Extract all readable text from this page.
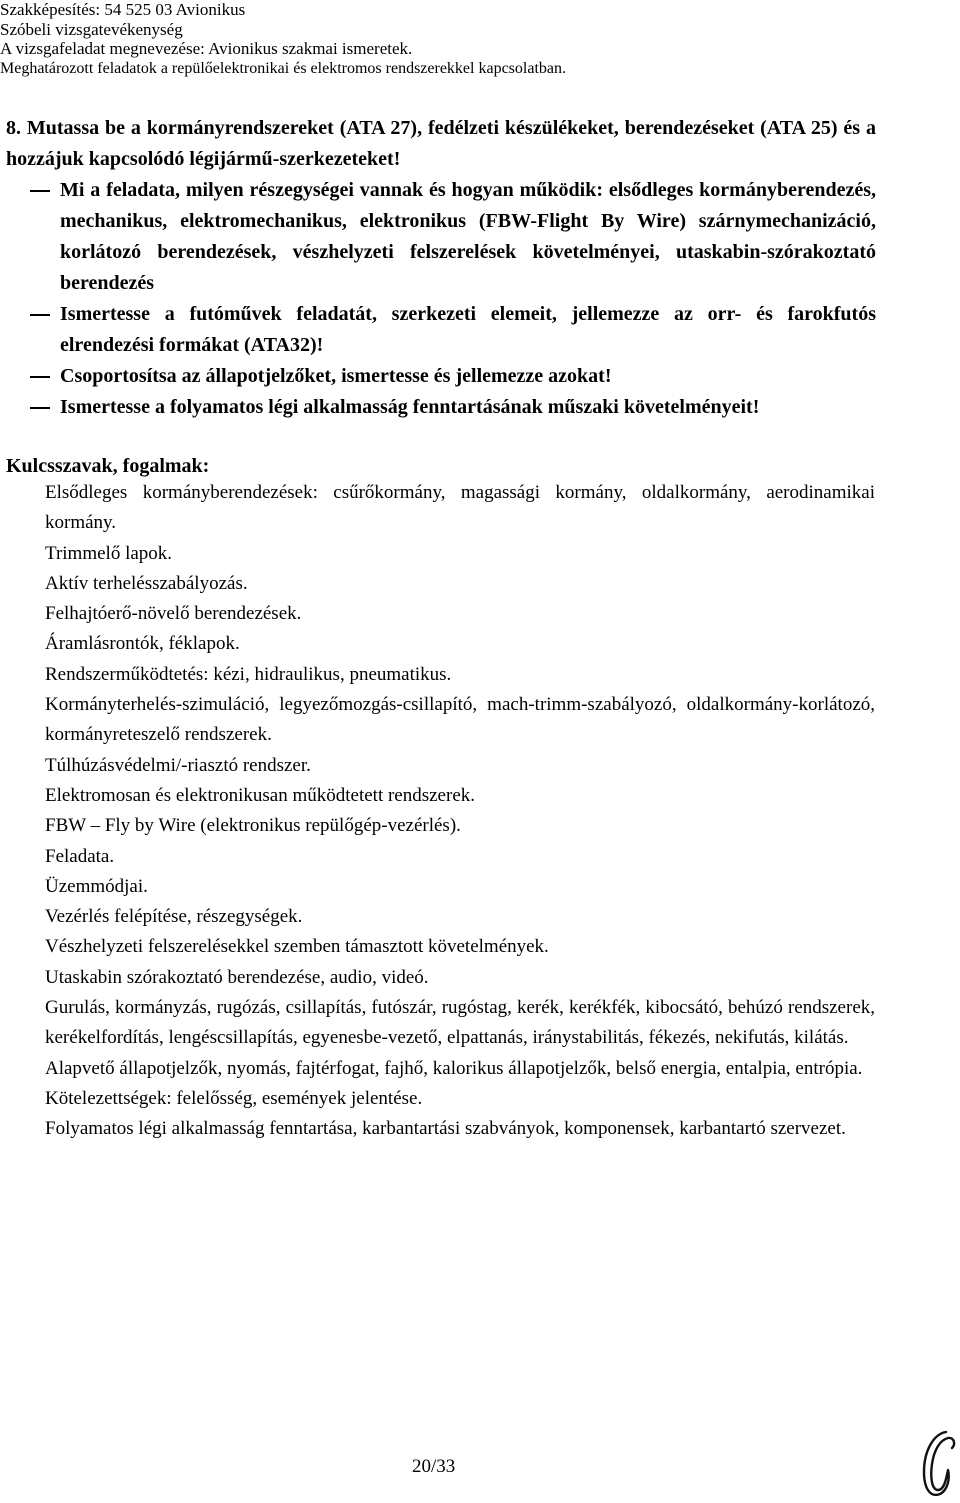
Szakképesítés: 54 525 03 Avionikus
Szóbeli vizsgatevékenység
A vizsgafeladat megnevezése: Avionikus szakmai ismeretek.
Meghatározott feladatok a repülőelektronikai és elektromos rendszerekkel kapcsolatban.
8. Mutassa be a kormányrendszereket (ATA 27), fedélzeti készülékeket, berendezéseket (ATA 25) és a hozzájuk kapcsolódó légijármű-szerkezeteket!
Mi a feladata, milyen részegységei vannak és hogyan működik: elsődleges kormányberendezés, mechanikus, elektromechanikus, elektronikus (FBW-Flight By Wire) szárnymechanizáció, korlátozó berendezések, vészhelyzeti felszerelések követelményei, utaskabin-szórakoztató berendezés
Ismertesse a futóművek feladatát, szerkezeti elemeit, jellemezze az orr- és farokfutós elrendezési formákat (ATA32)!
Csoportosítsa az állapotjelzőket, ismertesse és jellemezze azokat!
Ismertesse a folyamatos légi alkalmasság fenntartásának műszaki követelményeit!
Kulcsszavak, fogalmak:

Elsődleges kormányberendezések: csűrőkormány, magassági kormány, oldalkormány, aerodinamikai kormány.

Trimmelő lapok.

Aktív terhelésszabályozás.

Felhajtóerő-növelő berendezések.

Áramlásrontók, féklapok.

Rendszerműködtetés: kézi, hidraulikus, pneumatikus.

Kormányterhelés-szimuláció, legyezőmozgás-csillapító, mach-trimm-szabályozó, oldalkormány-korlátozó, kormányreteszelő rendszerek.

Túlhúzásvédelmi/-riasztó rendszer.

Elektromosan és elektronikusan működtetett rendszerek.

FBW – Fly by Wire (elektronikus repülőgép-vezérlés).

Feladata.

Üzemmódjai.

Vezérlés felépítése, részegységek.

Vészhelyzeti felszerelésekkel szemben támasztott követelmények.

Utaskabin szórakoztató berendezése, audio, videó.

Gurulás, kormányzás, rugózás, csillapítás, futószár, rugóstag, kerék, kerékfék, kibocsátó, behúzó rendszerek, kerékelfordítás, lengéscsillapítás, egyenesbe-vezető, elpattanás, iránystabilitás, fékezés, nekifutás, kilátás.

Alapvető állapotjelzők, nyomás, fajtérfogat, fajhő, kalorikus állapotjelzők, belső energia, entalpia, entrópia.

Kötelezettségek: felelősség, események jelentése.

Folyamatos légi alkalmasság fenntartása, karbantartási szabványok, komponensek, karbantartó szervezet.

20/33
